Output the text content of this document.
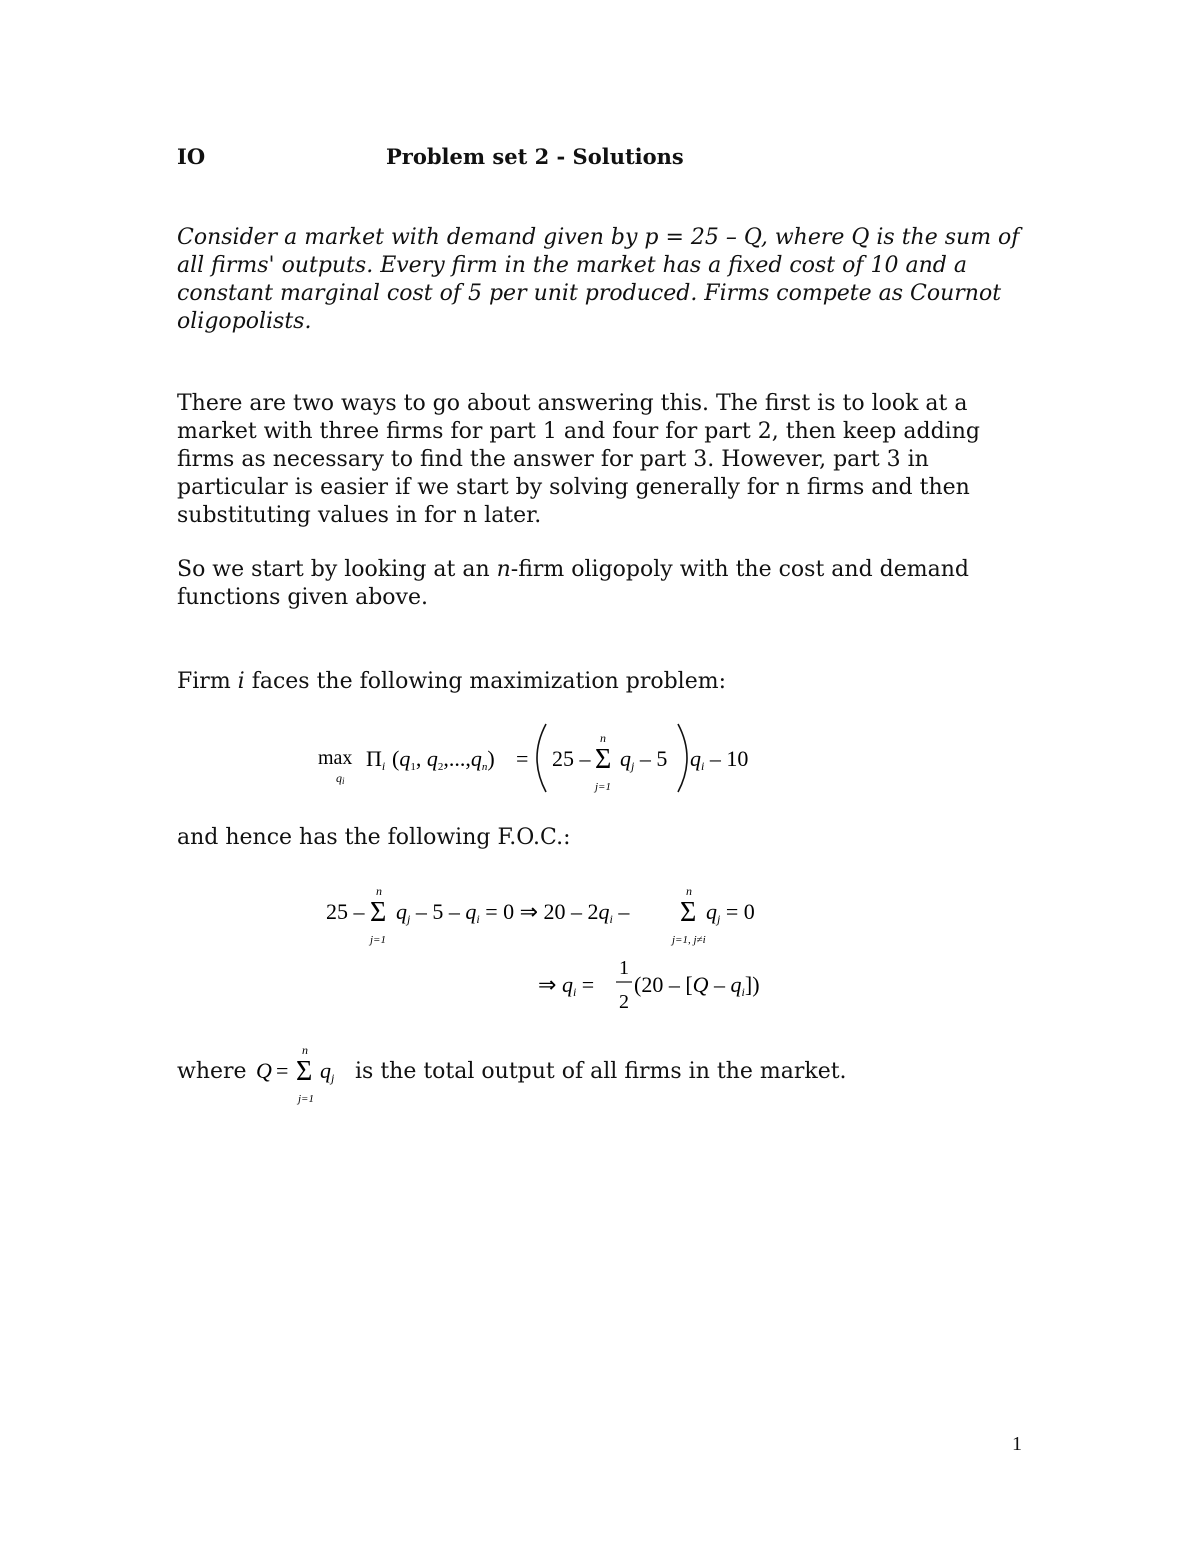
IO	Problem set 2 - Solutions
Consider a market with demand given by p = 25 – Q, where Q is the sum of all firms' outputs. Every firm in the market has a fixed cost of 10 and a constant marginal cost of 5 per unit produced. Firms compete as Cournot oligopolists.
There are two ways to go about answering this. The first is to look at a market with three firms for part 1 and four for part 2, then keep adding firms as necessary to find the answer for part 3. However, part 3 in particular is easier if we start by solving generally for n firms and then substituting values in for n later.
So we start by looking at an n-firm oligopoly with the cost and demand functions given above.
Firm i faces the following maximization problem:
max
qi
Πi (q1, q2,...,qn) = 25 – Σ
n
j=1
qj – 5 qi – 10
and hence has the following F.O.C.:
25 – Σ
n
j=1
qj – 5 – qi = 0 ⇒ 20 – 2qi – Σ
n
j=1, j≠i
qj = 0
⇒ qi =
1
2
(20 – [Q – qi])
where Q = Σ
n
j=1
qj is the total output of all firms in the market.
1
